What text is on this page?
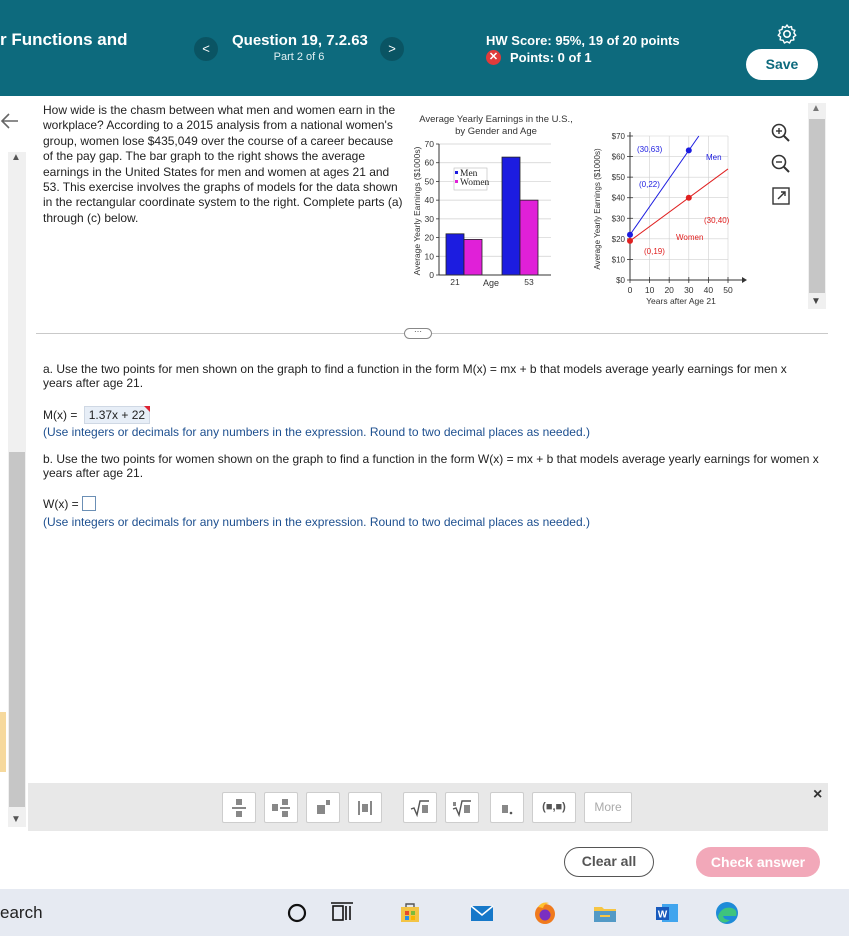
r Functions and	<	Question 19, 7.2.63
Part 2 of 6
>
HW Score: 95%, 19 of 20 points
✕ Points: 0 of 1	Save
▲
▼
How wide is the chasm between what men and women earn in the workplace? According to a 2015 analysis from a national women's group, women lose $435,049 over the course of a career because of the pay gap. The bar graph to the right shows the average earnings in the United States for men and women at ages 21 and 53. This exercise involves the graphs of models for the data shown in the rectangular coordinate system to the right. Complete parts (a) through (c) below.
Average Yearly Earnings in the U.S., by Gender and Age
Average Yearly Earnings ($1000s) 0
10
20
30
40
50
60
70
21	Age	53
Men
Women	Average Yearly Earnings ($1000s)
$0
$10
$20
$30
$40
$50
$60
$70
0 10 20 30 40 50
Years after Age 21
Men
Women
(0,22)
(30,63)
(0,19)
(30,40)
▲
▼
⋯
a. Use the two points for men shown on the graph to find a function in the form M(x) = mx + b that models average yearly earnings for men x years after age 21.
M(x) = 1.37x + 22
(Use integers or decimals for any numbers in the expression. Round to two decimal places as needed.)
b. Use the two points for women shown on the graph to find a function in the form W(x) = mx + b that models average yearly earnings for women x years after age 21.
W(x) =
(Use integers or decimals for any numbers in the expression. Round to two decimal places as needed.)
(■,■)	More
×
Clear all	Check answer
earch	W
